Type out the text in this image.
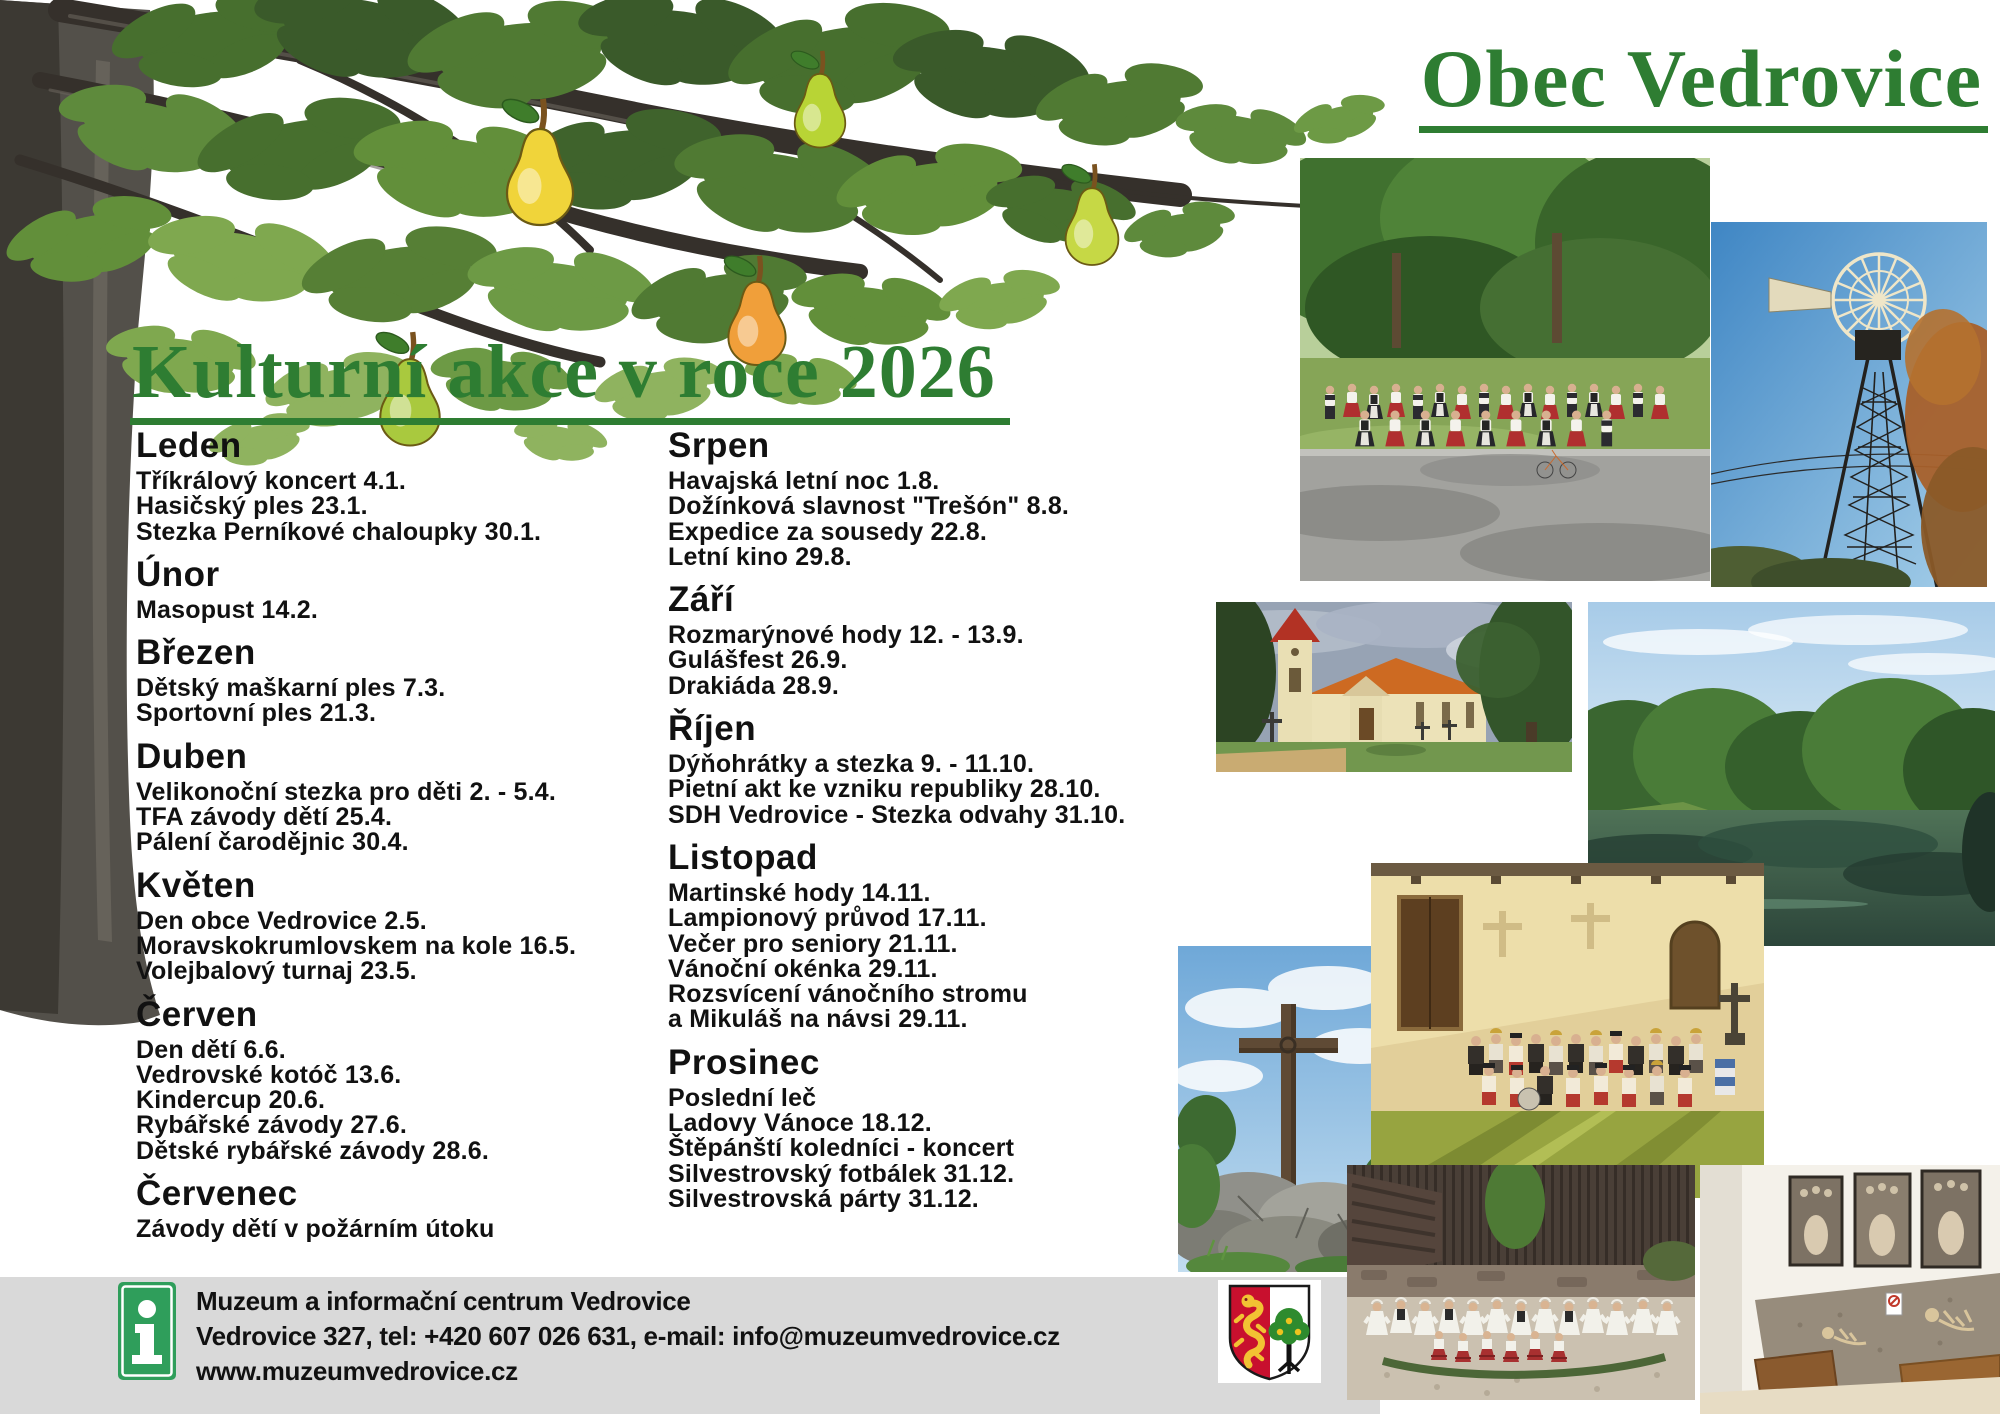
Obec Vedrovice
Kulturní akce v roce 2026
Leden
Tříkrálový koncert 4.1.
Hasičský ples 23.1.
Stezka Perníkové chaloupky 30.1.
Únor
Masopust 14.2.
Březen
Dětský maškarní ples 7.3.
Sportovní ples 21.3.
Duben
Velikonoční stezka pro děti 2. - 5.4.
TFA závody dětí 25.4.
Pálení čarodějnic 30.4.
Květen
Den obce Vedrovice 2.5.
Moravskokrumlovskem na kole 16.5.
Volejbalový turnaj 23.5.
Červen
Den dětí 6.6.
Vedrovské kotóč 13.6.
Kindercup 20.6.
Rybářské závody 27.6.
Dětské rybářské závody 28.6.
Červenec
Závody dětí v požárním útoku
Srpen
Havajská letní noc 1.8.
Dožínková slavnost "Trešón" 8.8.
Expedice za sousedy 22.8.
Letní kino 29.8.
Září
Rozmarýnové hody 12. - 13.9.
Gulášfest 26.9.
Drakiáda 28.9.
Říjen
Dýňohrátky a stezka 9. - 11.10.
Pietní akt ke vzniku republiky 28.10.
SDH Vedrovice - Stezka odvahy 31.10.
Listopad
Martinské hody 14.11.
Lampionový průvod 17.11.
Večer pro seniory 21.11.
Vánoční okénka 29.11.
Rozsvícení vánočního stromu
a Mikuláš na návsi 29.11.
Prosinec
Poslední leč
Ladovy Vánoce 18.12.
Štěpánští koledníci - koncert
Silvestrovský fotbálek 31.12.
Silvestrovská párty 31.12.
Muzeum a informační centrum Vedrovice
Vedrovice 327, tel: +420 607 026 631, e-mail: info@muzeumvedrovice.cz
www.muzeumvedrovice.cz
